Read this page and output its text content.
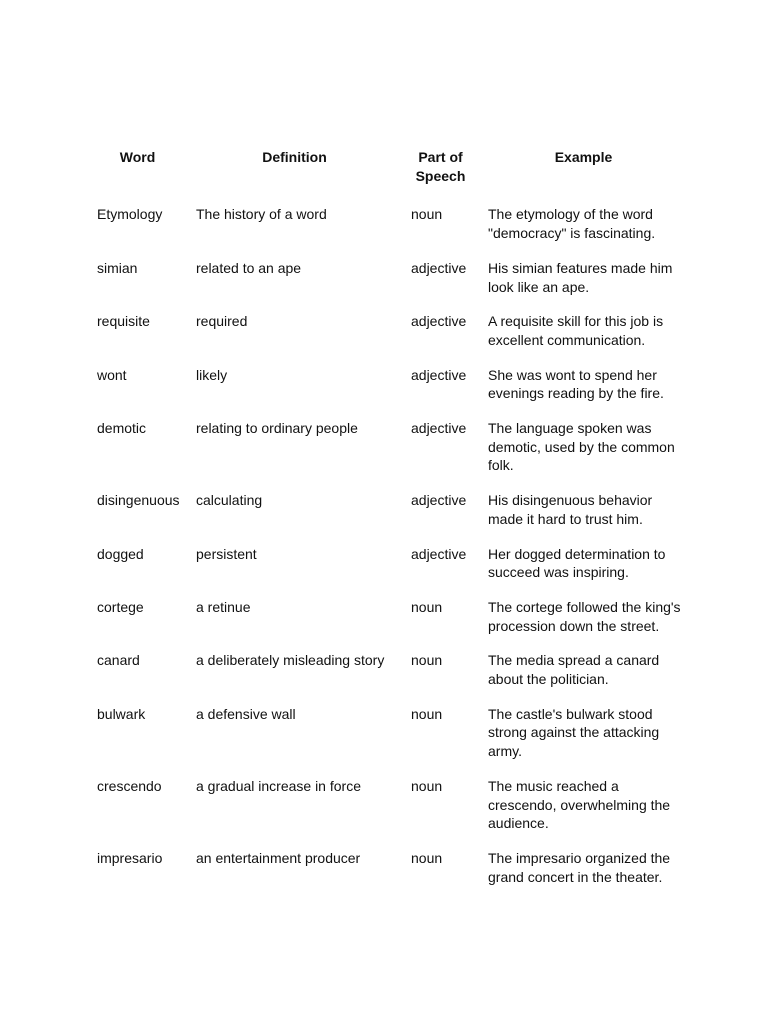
Word	Definition	Part of Speech	Example
Etymology	The history of a word	noun	The etymology of the word "democracy" is fascinating.
simian	related to an ape	adjective	His simian features made him look like an ape.
requisite	required	adjective	A requisite skill for this job is excellent communication.
wont	likely	adjective	She was wont to spend her evenings reading by the fire.
demotic	relating to ordinary people	adjective	The language spoken was demotic, used by the common folk.
disingenuous	calculating	adjective	His disingenuous behavior made it hard to trust him.
dogged	persistent	adjective	Her dogged determination to succeed was inspiring.
cortege	a retinue	noun	The cortege followed the king's procession down the street.
canard	a deliberately misleading story	noun	The media spread a canard about the politician.
bulwark	a defensive wall	noun	The castle's bulwark stood strong against the attacking army.
crescendo	a gradual increase in force	noun	The music reached a crescendo, overwhelming the audience.
impresario	an entertainment producer	noun	The impresario organized the grand concert in the theater.
